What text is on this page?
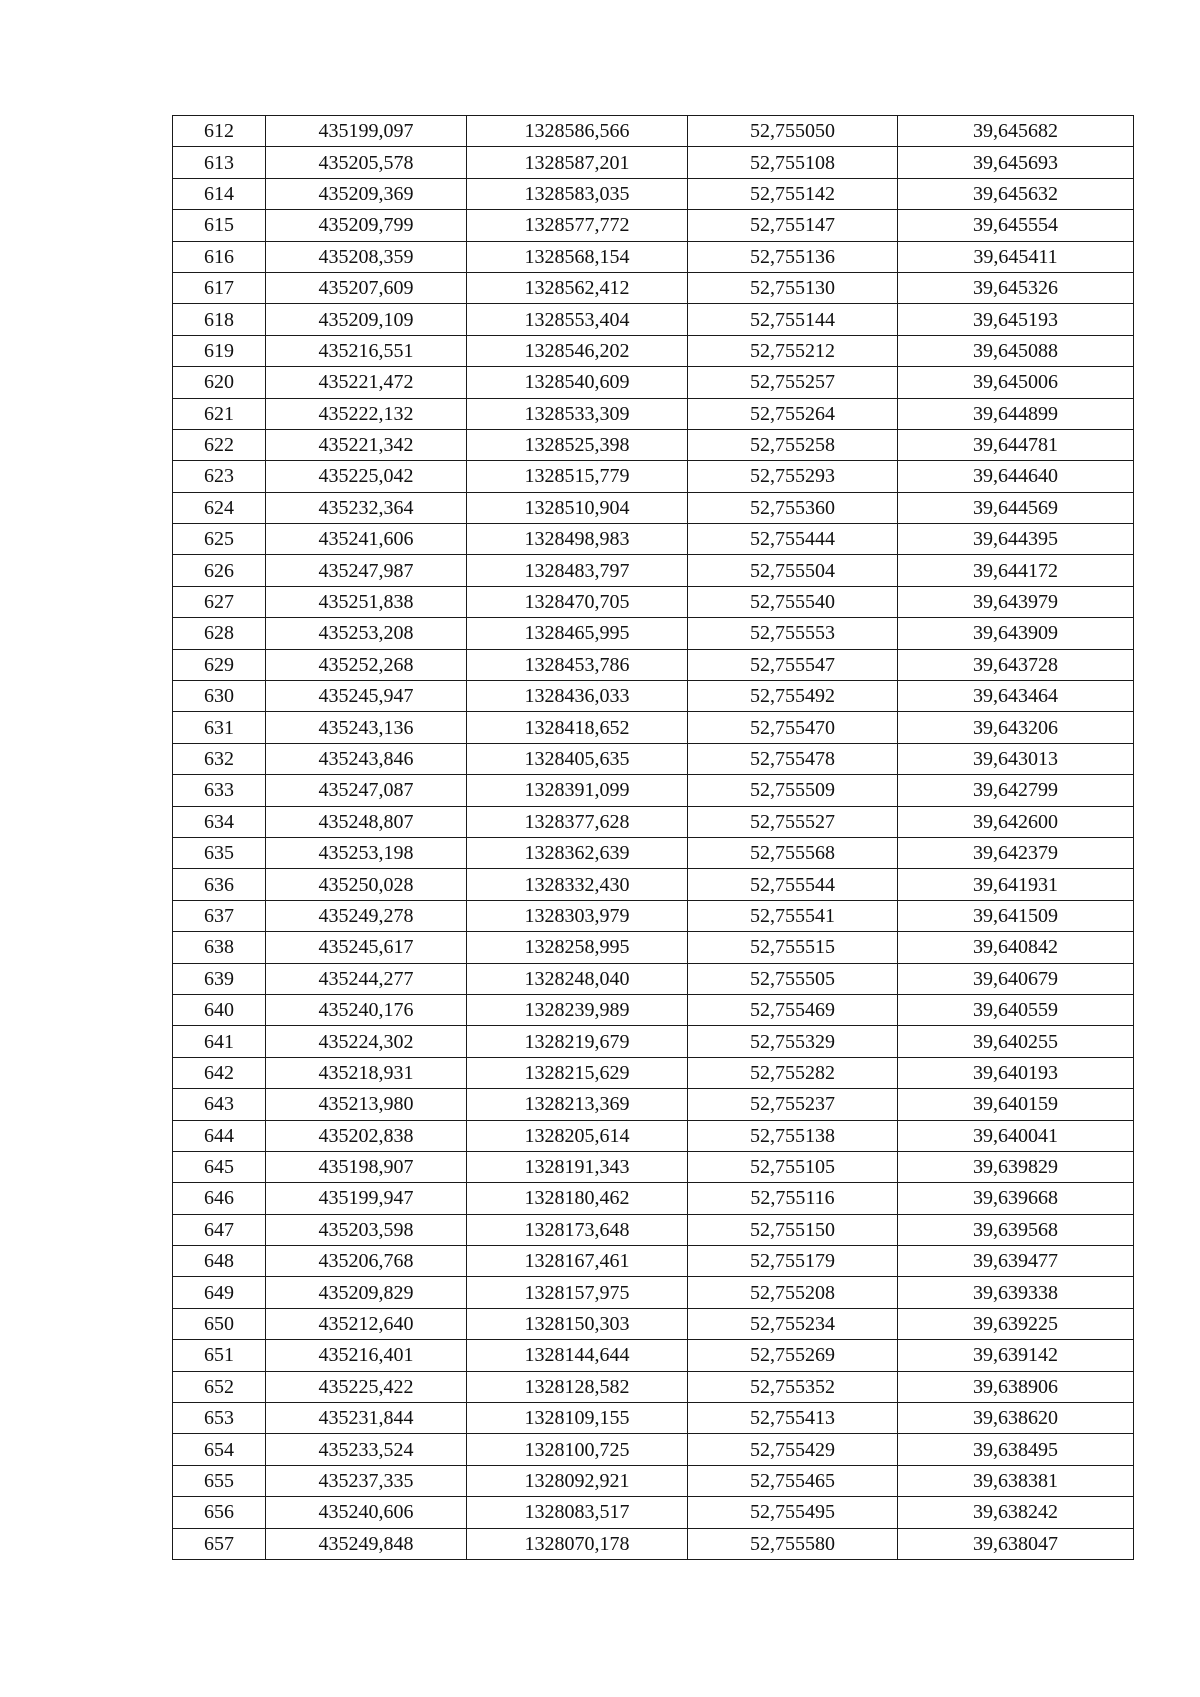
612	435199,097	1328586,566	52,755050	39,645682
613	435205,578	1328587,201	52,755108	39,645693
614	435209,369	1328583,035	52,755142	39,645632
615	435209,799	1328577,772	52,755147	39,645554
616	435208,359	1328568,154	52,755136	39,645411
617	435207,609	1328562,412	52,755130	39,645326
618	435209,109	1328553,404	52,755144	39,645193
619	435216,551	1328546,202	52,755212	39,645088
620	435221,472	1328540,609	52,755257	39,645006
621	435222,132	1328533,309	52,755264	39,644899
622	435221,342	1328525,398	52,755258	39,644781
623	435225,042	1328515,779	52,755293	39,644640
624	435232,364	1328510,904	52,755360	39,644569
625	435241,606	1328498,983	52,755444	39,644395
626	435247,987	1328483,797	52,755504	39,644172
627	435251,838	1328470,705	52,755540	39,643979
628	435253,208	1328465,995	52,755553	39,643909
629	435252,268	1328453,786	52,755547	39,643728
630	435245,947	1328436,033	52,755492	39,643464
631	435243,136	1328418,652	52,755470	39,643206
632	435243,846	1328405,635	52,755478	39,643013
633	435247,087	1328391,099	52,755509	39,642799
634	435248,807	1328377,628	52,755527	39,642600
635	435253,198	1328362,639	52,755568	39,642379
636	435250,028	1328332,430	52,755544	39,641931
637	435249,278	1328303,979	52,755541	39,641509
638	435245,617	1328258,995	52,755515	39,640842
639	435244,277	1328248,040	52,755505	39,640679
640	435240,176	1328239,989	52,755469	39,640559
641	435224,302	1328219,679	52,755329	39,640255
642	435218,931	1328215,629	52,755282	39,640193
643	435213,980	1328213,369	52,755237	39,640159
644	435202,838	1328205,614	52,755138	39,640041
645	435198,907	1328191,343	52,755105	39,639829
646	435199,947	1328180,462	52,755116	39,639668
647	435203,598	1328173,648	52,755150	39,639568
648	435206,768	1328167,461	52,755179	39,639477
649	435209,829	1328157,975	52,755208	39,639338
650	435212,640	1328150,303	52,755234	39,639225
651	435216,401	1328144,644	52,755269	39,639142
652	435225,422	1328128,582	52,755352	39,638906
653	435231,844	1328109,155	52,755413	39,638620
654	435233,524	1328100,725	52,755429	39,638495
655	435237,335	1328092,921	52,755465	39,638381
656	435240,606	1328083,517	52,755495	39,638242
657	435249,848	1328070,178	52,755580	39,638047
